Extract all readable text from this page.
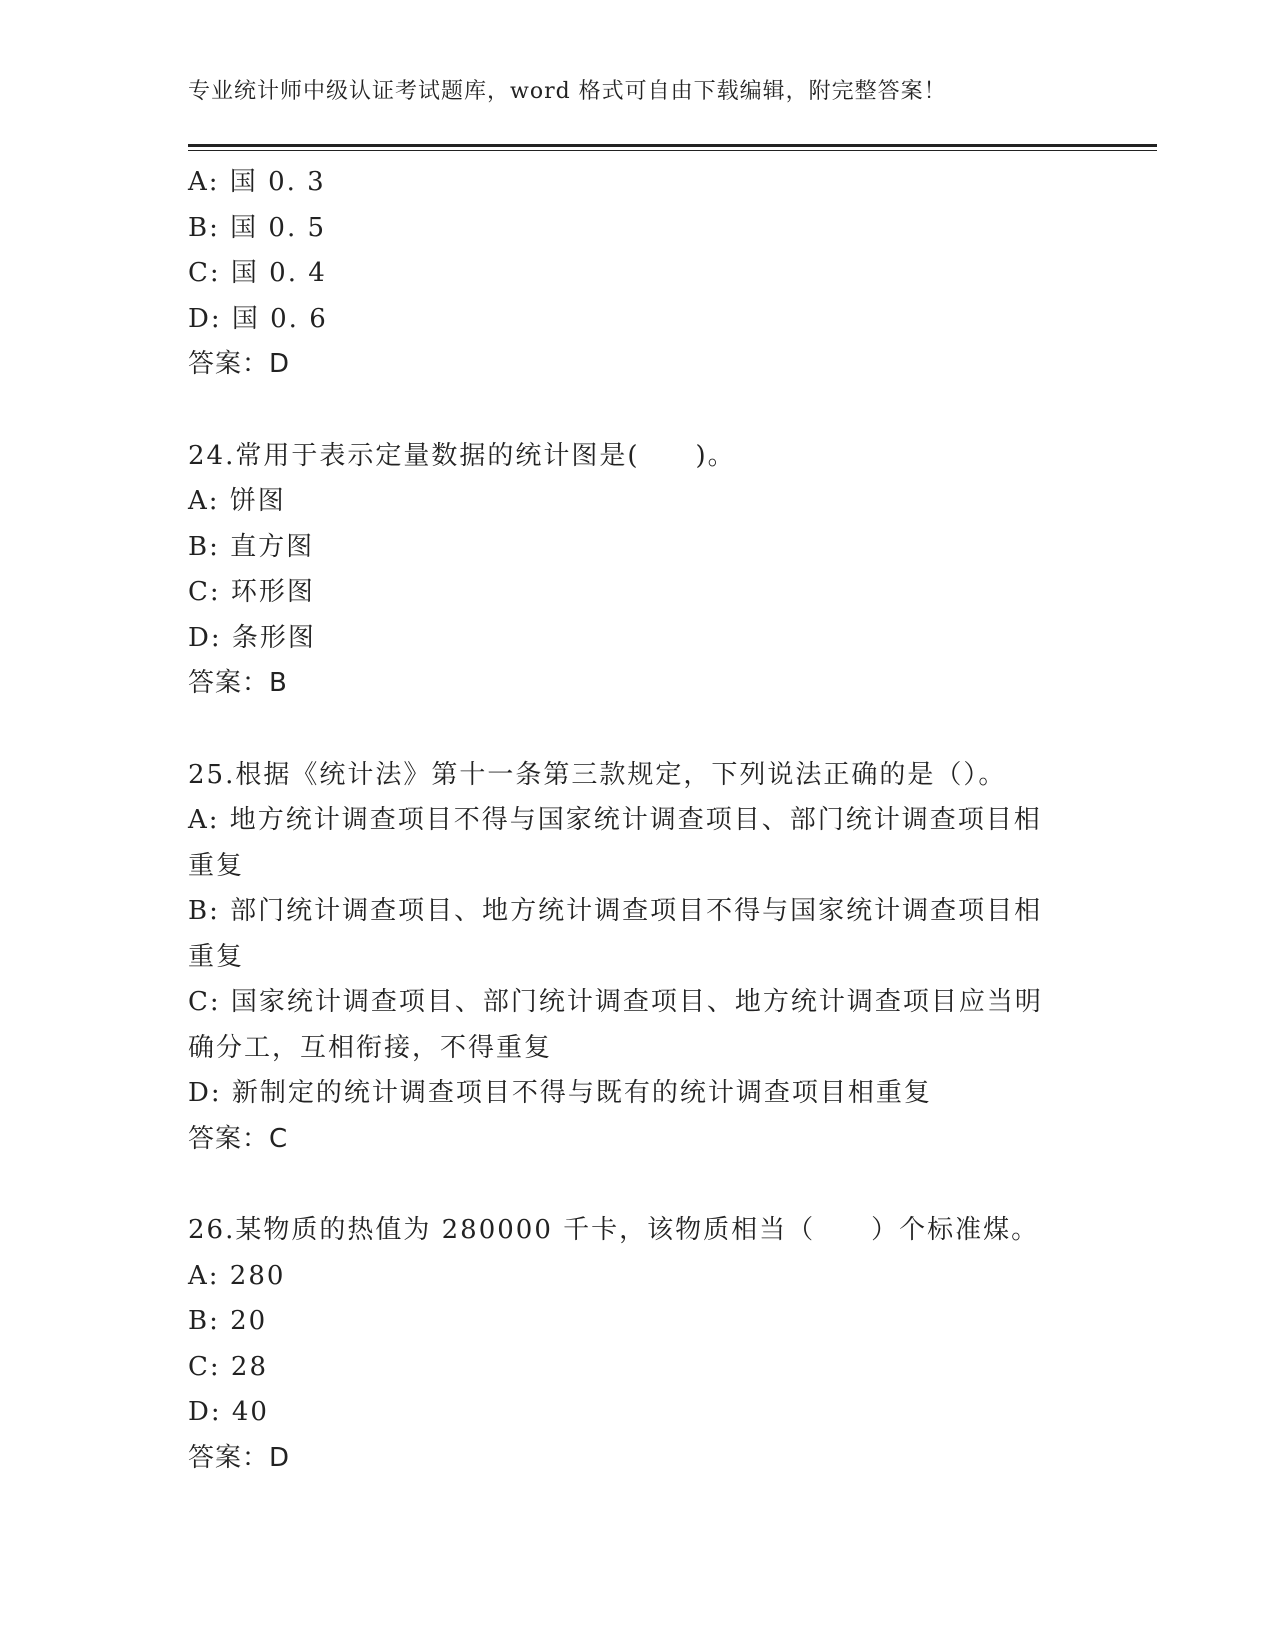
专业统计师中级认证考试题库，word 格式可自由下载编辑，附完整答案！
A: 国 0. 3
B: 国 0. 5
C: 国 0. 4
D: 国 0. 6
答案：D
24.常用于表示定量数据的统计图是(　　)。
A: 饼图
B: 直方图
C: 环形图
D: 条形图
答案：B
25.根据《统计法》第十一条第三款规定，下列说法正确的是（）。
A: 地方统计调查项目不得与国家统计调查项目、部门统计调查项目相
重复
B: 部门统计调查项目、地方统计调查项目不得与国家统计调查项目相
重复
C: 国家统计调查项目、部门统计调查项目、地方统计调查项目应当明
确分工，互相衔接，不得重复
D: 新制定的统计调查项目不得与既有的统计调查项目相重复
答案：C
26.某物质的热值为 280000 千卡，该物质相当（　　）个标准煤。
A: 280
B: 20
C: 28
D: 40
答案：D
